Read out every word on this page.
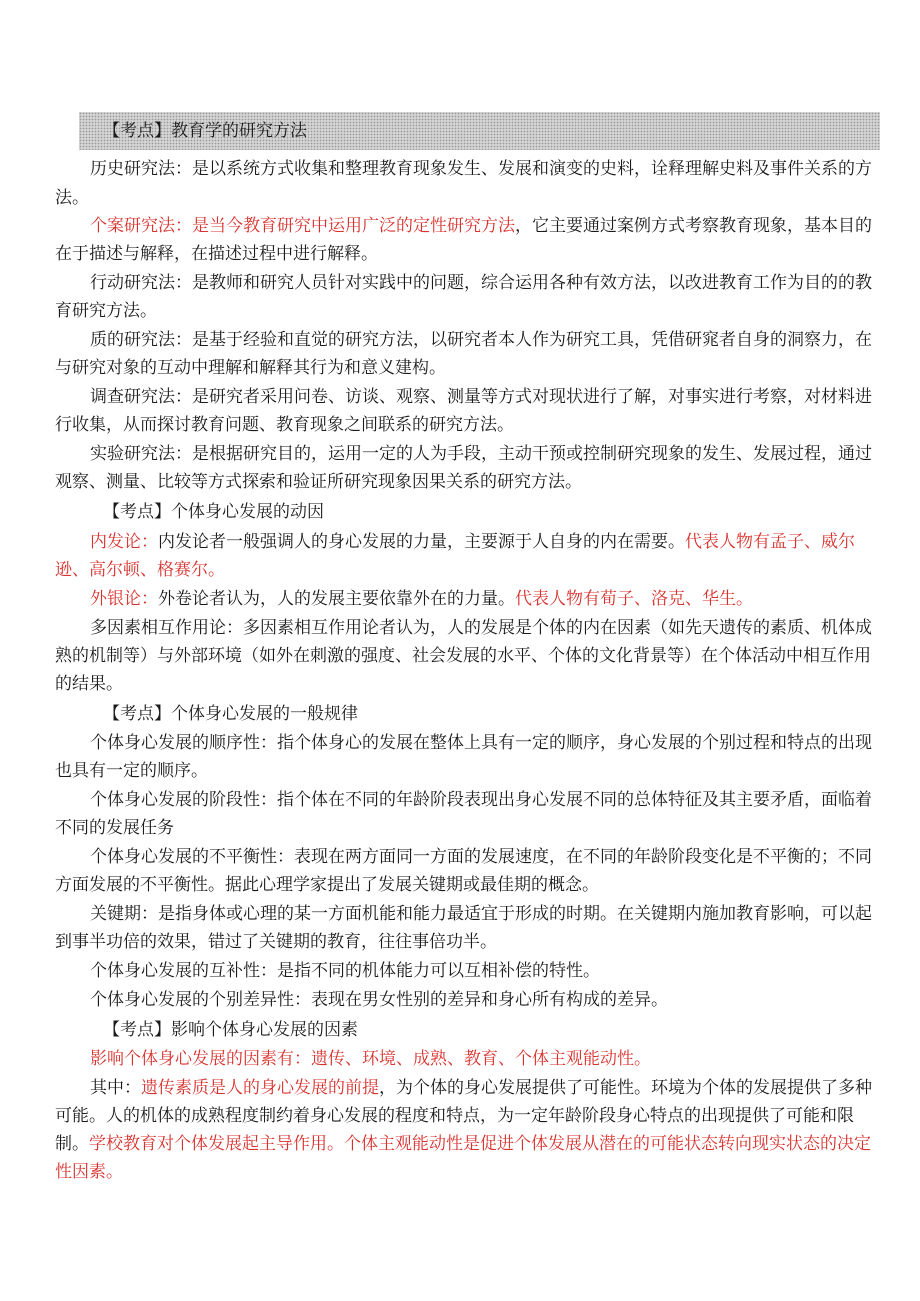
【考点】教育学的研究方法
历史研究法：是以系统方式收集和整理教育现象发生、发展和演变的史料，诠释理解史料及事件关系的方
法。
个案研究法：是当今教育研究中运用广泛的定性研究方法，它主要通过案例方式考察教育现象，基本目的
在于描述与解释，在描述过程中进行解释。
行动研究法：是教师和研究人员针对实践中的问题，综合运用各种有效方法，以改进教育工作为目的的教
育研究方法。
质的研究法：是基于经验和直觉的研究方法，以研究者本人作为研究工具，凭借研窕者自身的洞察力，在
与研究对象的互动中理解和解释其行为和意义建构。
调查研究法：是研究者采用问卷、访谈、观察、测量等方式对现状进行了解，对事实进行考察，对材料进
行收集，从而探讨教育问题、教育现象之间联系的研究方法。
实验研究法：是根据研究目的，运用一定的人为手段，主动干预或控制研究现象的发生、发展过程，通过
观察、测量、比较等方式探索和验证所研究现象因果关系的研究方法。
【考点】个体身心发展的动因
内发论：内发论者一般强调人的身心发展的力量，主要源于人自身的内在需要。代表人物有孟子、威尔
逊、高尔顿、格赛尔。
外银论：外卷论者认为，人的发展主要依靠外在的力量。代表人物有荀子、洛克、华生。
多因素相互作用论：多因素相互作用论者认为，人的发展是个体的内在因素（如先天遗传的素质、机体成
熟的机制等）与外部环境（如外在刺激的强度、社会发展的水平、个体的文化背景等）在个体活动中相互作用
的结果。
【考点】个体身心发展的一般规律
个体身心发展的顺序性：指个体身心的发展在整体上具有一定的顺序，身心发展的个别过程和特点的出现
也具有一定的顺序。
个体身心发展的阶段性：指个体在不同的年龄阶段表现出身心发展不同的总体特征及其主要矛盾，面临着
不同的发展任务
个体身心发展的不平衡性：表现在两方面同一方面的发展速度，在不同的年龄阶段变化是不平衡的；不同
方面发展的不平衡性。据此心理学家提出了发展关键期或最佳期的概念。
关键期：是指身体或心理的某一方面机能和能力最适宜于形成的时期。在关键期内施加教育影响，可以起
到事半功倍的效果，错过了关键期的教育，往往事倍功半。
个体身心发展的互补性：是指不同的机体能力可以互相补偿的特性。
个体身心发展的个别差异性：表现在男女性别的差异和身心所有构成的差异。
【考点】影响个体身心发展的因素
影响个体身心发展的因素有：遗传、环境、成熟、教育、个体主观能动性。
其中：遗传素质是人的身心发展的前提，为个体的身心发展提供了可能性。环境为个体的发展提供了多种
可能。人的机体的成熟程度制约着身心发展的程度和特点，为一定年龄阶段身心特点的出现提供了可能和限
制。学校教育对个体发展起主导作用。个体主观能动性是促进个体发展从潜在的可能状态转向现实状态的决定
性因素。
